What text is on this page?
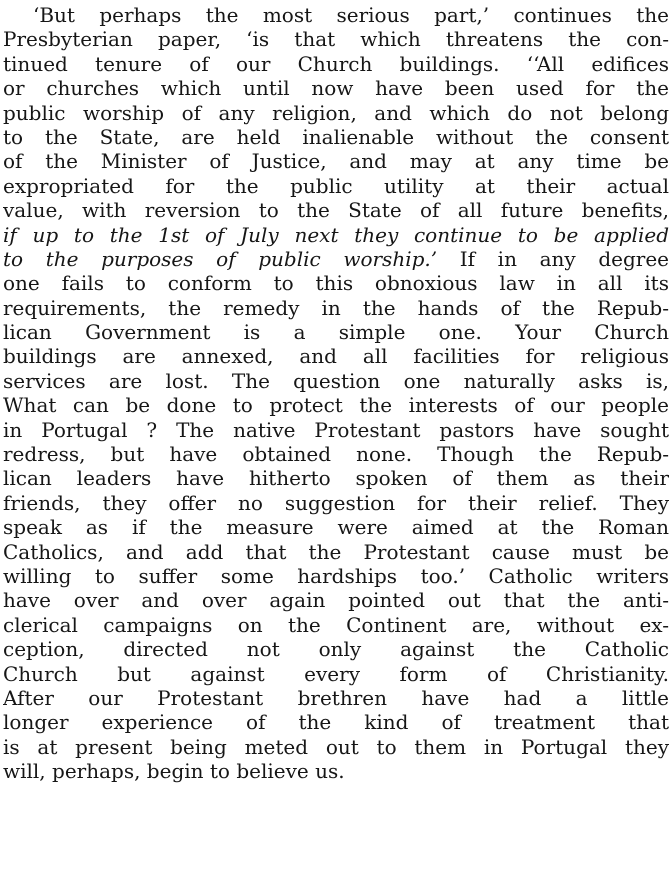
‘But perhaps the most serious part,’ continues the
Presbyterian paper, ‘is that which threatens the con-
tinued tenure of our Church buildings. ‘‘All edifices
or churches which until now have been used for the
public worship of any religion, and which do not belong
to the State, are held inalienable without the consent
of the Minister of Justice, and may at any time be
expropriated for the public utility at their actual
value, with reversion to the State of all future benefits,
if up to the 1st of July next they continue to be applied
to the purposes of public worship.’ If in any degree
one fails to conform to this obnoxious law in all its
requirements, the remedy in the hands of the Repub-
lican Government is a simple one. Your Church
buildings are annexed, and all facilities for religious
services are lost. The question one naturally asks is,
What can be done to protect the interests of our people
in Portugal ? The native Protestant pastors have sought
redress, but have obtained none. Though the Repub-
lican leaders have hitherto spoken of them as their
friends, they offer no suggestion for their relief. They
speak as if the measure were aimed at the Roman
Catholics, and add that the Protestant cause must be
willing to suffer some hardships too.’ Catholic writers
have over and over again pointed out that the anti-
clerical campaigns on the Continent are, without ex-
ception, directed not only against the Catholic
Church but against every form of Christianity.
After our Protestant brethren have had a little
longer experience of the kind of treatment that
is at present being meted out to them in Portugal they
will, perhaps, begin to believe us.
